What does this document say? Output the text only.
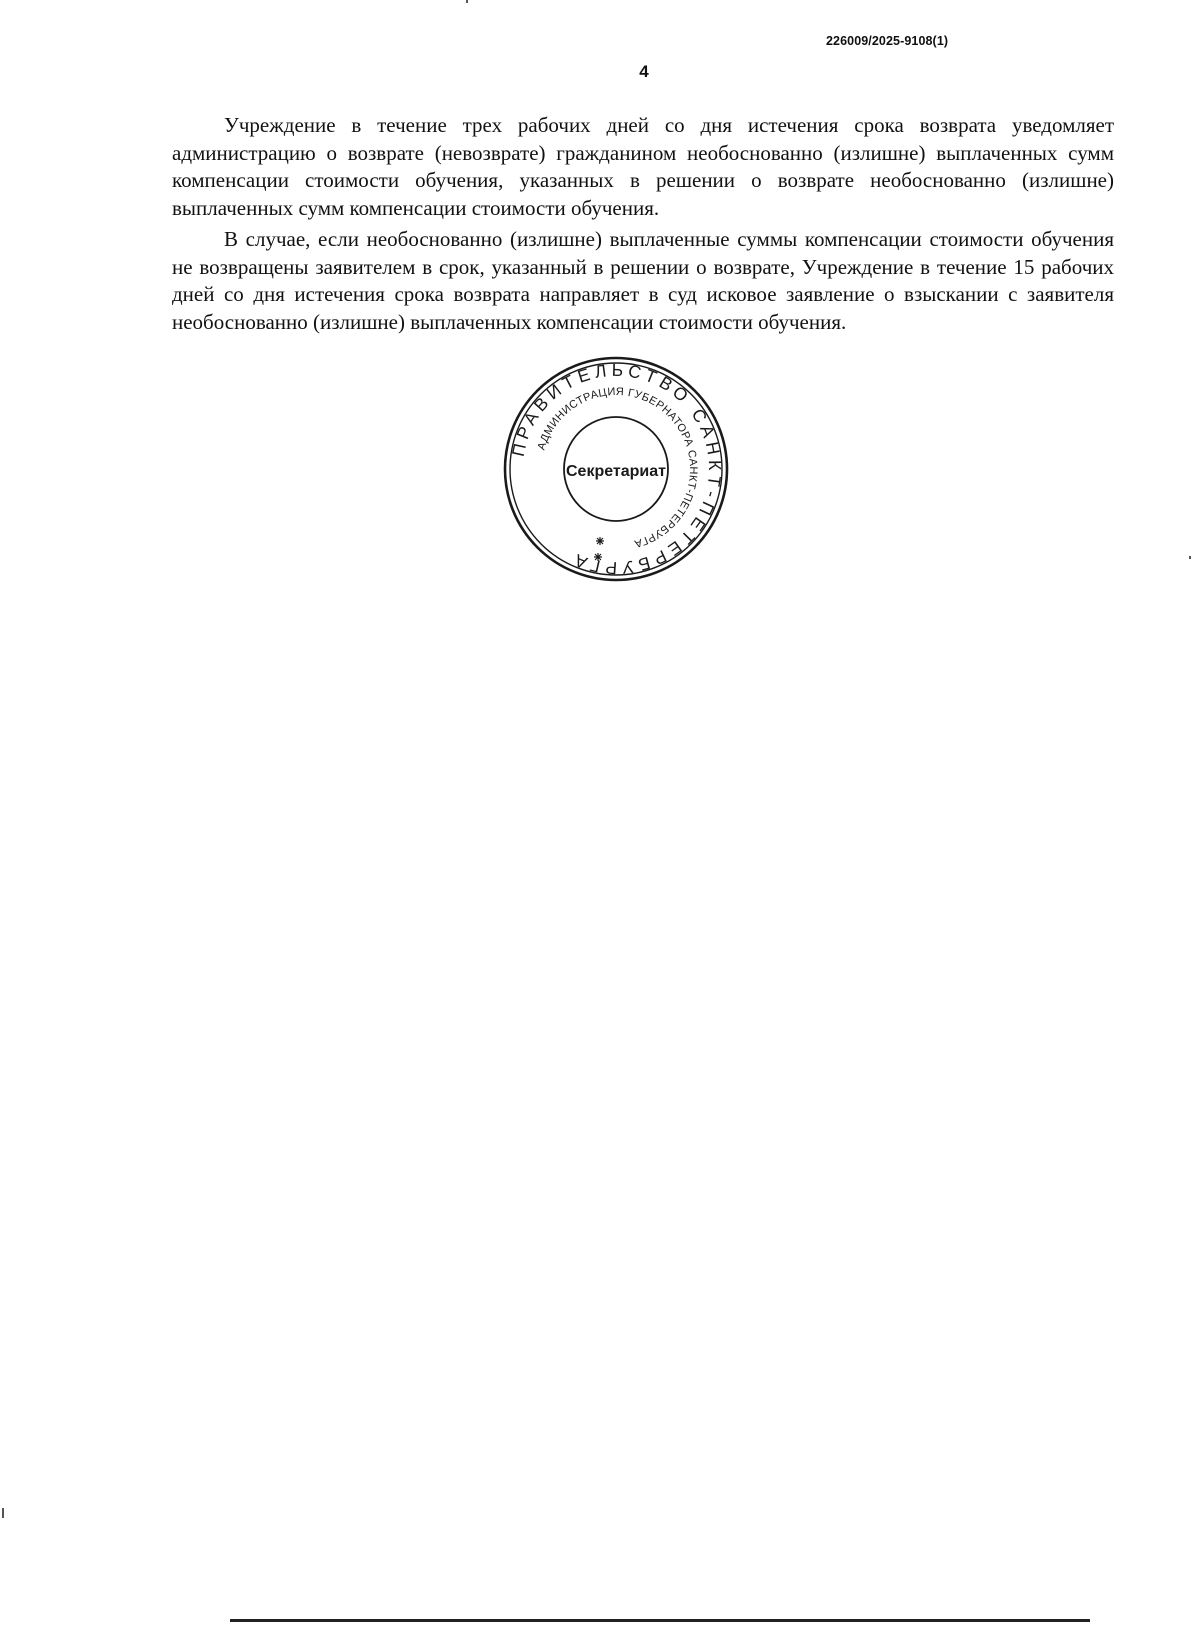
226009/2025-9108(1)
4

Учреждение в течение трех рабочих дней со дня истечения срока возврата уведомляет администрацию о возврате (невозврате) гражданином необоснованно (излишне) выплаченных сумм компенсации стоимости обучения, указанных в решении о возврате необоснованно (излишне) выплаченных сумм компенсации стоимости обучения.

В случае, если необоснованно (излишне) выплаченные суммы компенсации стоимости обучения не возвращены заявителем в срок, указанный в решении о возврате, Учреждение в течение 15 рабочих дней со дня истечения срока возврата направляет в суд исковое заявление о взыскании с заявителя необоснованно (излишне) выплаченных компенсации стоимости обучения.

ПРАВИТЕЛЬСТВО САНКТ-ПЕТЕРБУРГА
АДМИНИСТРАЦИЯ ГУБЕРНАТОРА САНКТ-ПЕТЕРБУРГА
Секретариат
